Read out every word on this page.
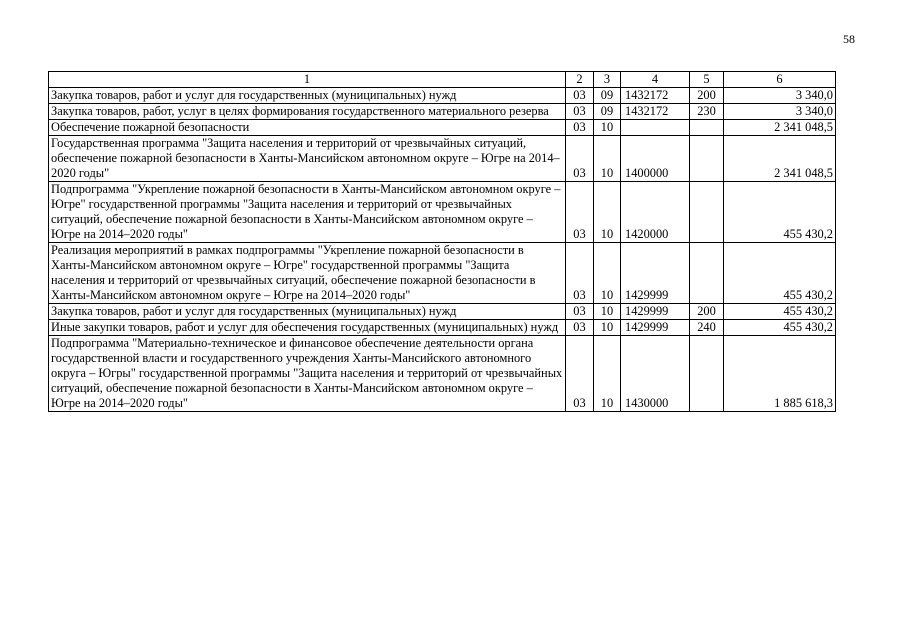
58
1	2	3	4	5	6
Закупка товаров, работ и услуг для государственных (муниципальных) нужд	03	09	1432172	200	3 340,0
Закупка товаров, работ, услуг в целях формирования государственного материального резерва	03	09	1432172	230	3 340,0
Обеспечение пожарной безопасности	03	10			2 341 048,5
Государственная программа "Защита населения и территорий от чрезвычайных ситуаций, обеспечение пожарной безопасности в Ханты-Мансийском автономном округе – Югре на 2014–2020 годы"	03	10	1400000		2 341 048,5
Подпрограмма "Укрепление пожарной безопасности в Ханты-Мансийском автономном округе – Югре" государственной программы "Защита населения и территорий от чрезвычайных ситуаций, обеспечение пожарной безопасности в Ханты-Мансийском автономном округе – Югре на 2014–2020 годы"	03	10	1420000		455 430,2
Реализация мероприятий в рамках подпрограммы "Укрепление пожарной безопасности в Ханты-Мансийском автономном округе – Югре" государственной программы "Защита населения и территорий от чрезвычайных ситуаций, обеспечение пожарной безопасности в Ханты-Мансийском автономном округе – Югре на 2014–2020 годы"	03	10	1429999		455 430,2
Закупка товаров, работ и услуг для государственных (муниципальных) нужд	03	10	1429999	200	455 430,2
Иные закупки товаров, работ и услуг для обеспечения государственных (муниципальных) нужд	03	10	1429999	240	455 430,2
Подпрограмма "Материально-техническое и финансовое обеспечение деятельности органа государственной власти и государственного учреждения Ханты-Мансийского автономного округа – Югры" государственной программы "Защита населения и территорий от чрезвычайных ситуаций, обеспечение пожарной безопасности в Ханты-Мансийском автономном округе – Югре на 2014–2020 годы"	03	10	1430000		1 885 618,3
